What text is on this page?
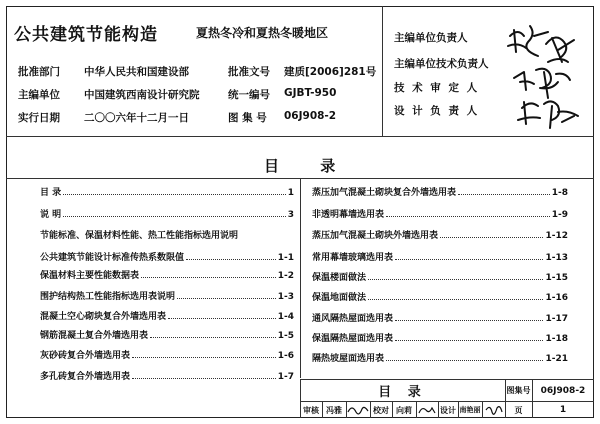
公共建筑节能构造	夏热冬冷和夏热冬暖地区
批准部门 中华人民共和国建设部
主编单位 中国建筑西南设计研究院
实行日期 二〇〇六年十二月一日
批准文号 建质[2006]281号
统一编号 GJBT-950
图 集 号 06J908-2
主编单位负责人
主编单位技术负责人
技 术 审 定 人
设 计 负 责 人
目 录
目 录	1
说 明	3
节能标准、保温材料性能、热工性能指标选用说明
公共建筑节能设计标准传热系数限值	1-1
保温材料主要性能数据表	1-2
围护结构热工性能指标选用表说明	1-3
混凝土空心砌块复合外墙选用表	1-4
钢筋混凝土复合外墙选用表	1-5
灰砂砖复合外墙选用表	1-6
多孔砖复合外墙选用表	1-7
蒸压加气混凝土砌块复合外墙选用表	1-8
非透明幕墙选用表	1-9
蒸压加气混凝土砌块外墙选用表	1-12
常用幕墙玻璃选用表	1-13
保温楼面做法	1-15
保温地面做法	1-16
通风隔热屋面选用表	1-17
保温隔热屋面选用表	1-18
隔热坡屋面选用表	1-21
目 录	图集号	06J908-2
审核 冯雅	校对 向莉	设计 南艳丽	页	1
